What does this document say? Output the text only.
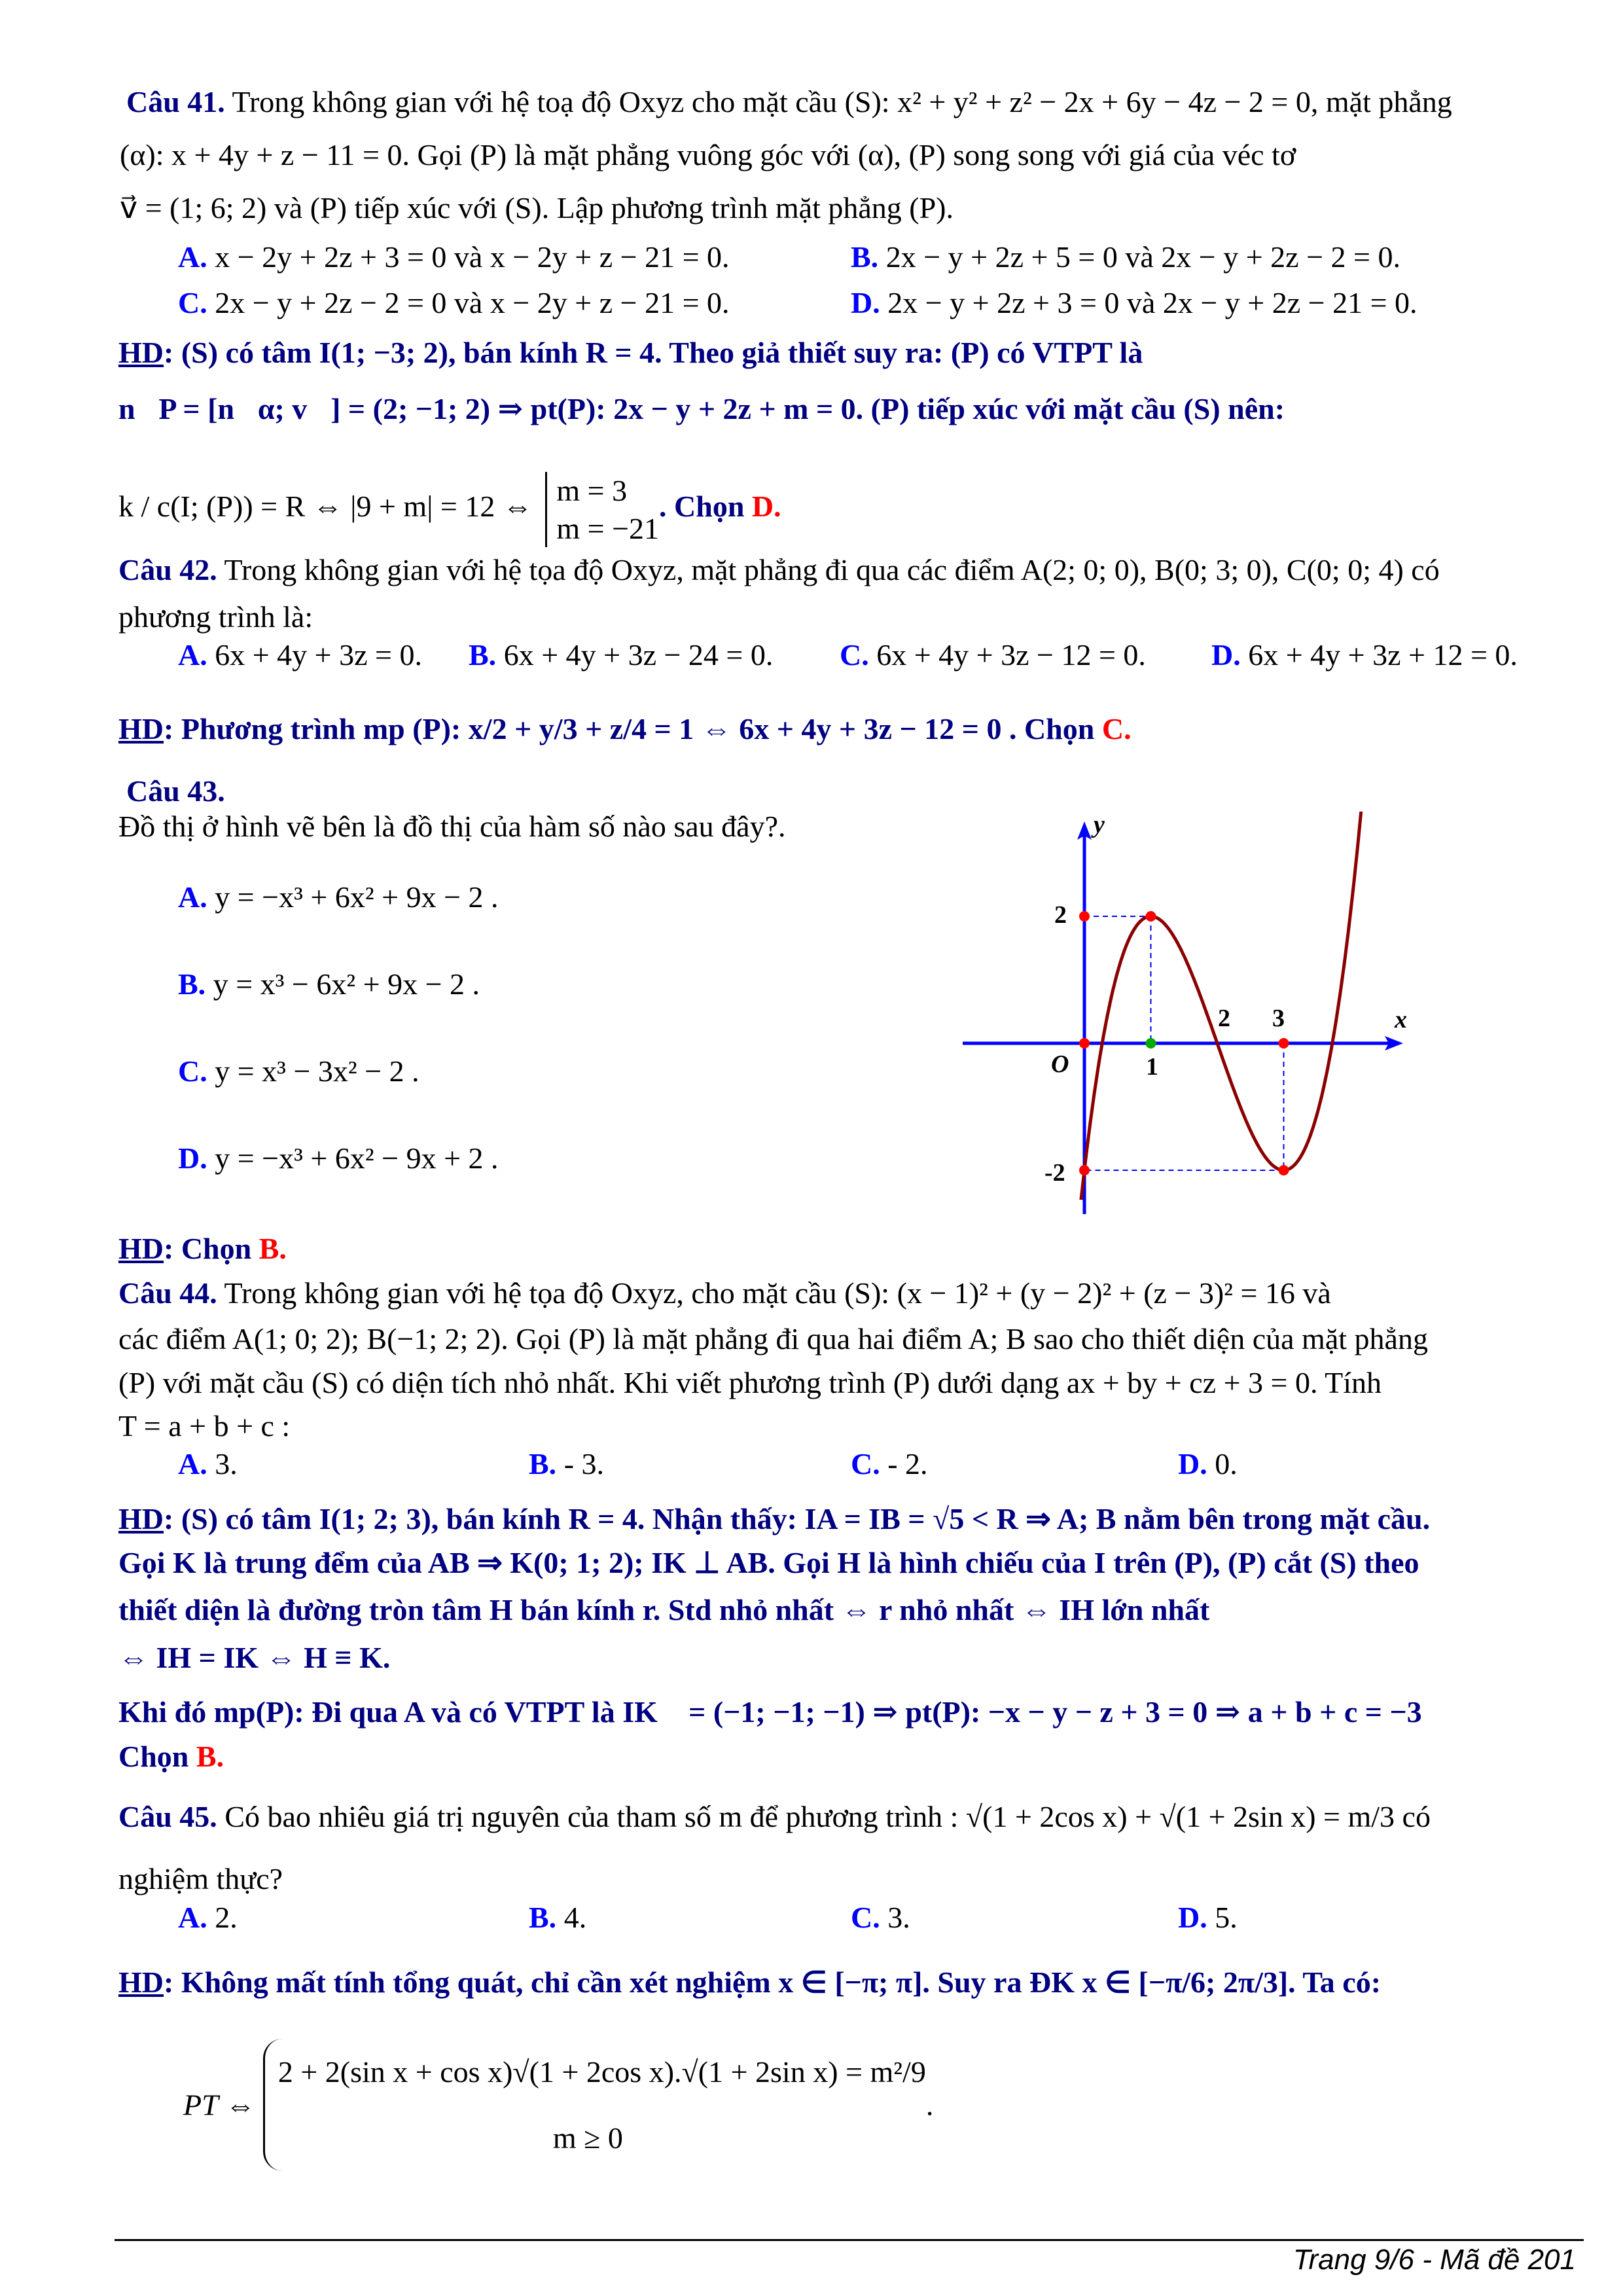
Câu 41. Trong không gian với hệ toạ độ Oxyz cho mặt cầu (S): x² + y² + z² − 2x + 6y − 4z − 2 = 0, mặt phẳng
(α): x + 4y + z − 11 = 0. Gọi (P) là mặt phẳng vuông góc với (α), (P) song song với giá của véc tơ
v⃗ = (1; 6; 2) và (P) tiếp xúc với (S). Lập phương trình mặt phẳng (P).
A. x − 2y + 2z + 3 = 0 và x − 2y + z − 21 = 0.	B. 2x − y + 2z + 5 = 0 và 2x − y + 2z − 2 = 0.
C. 2x − y + 2z − 2 = 0 và x − 2y + z − 21 = 0.	D. 2x − y + 2z + 3 = 0 và 2x − y + 2z − 21 = 0.
HD: (S) có tâm I(1; −3; 2), bán kính R = 4. Theo giả thiết suy ra: (P) có VTPT là
n⃗P = [n⃗α; v⃗] = (2; −1; 2) ⇒ pt(P): 2x − y + 2z + m = 0. (P) tiếp xúc với mặt cầu (S) nên:
k / c(I; (P)) = R ⇔ |9 + m| = 12 ⇔ m = 3
m = −21
. Chọn D.
Câu 42. Trong không gian với hệ tọa độ Oxyz, mặt phẳng đi qua các điểm A(2; 0; 0), B(0; 3; 0), C(0; 0; 4) có
phương trình là:
A. 6x + 4y + 3z = 0. B. 6x + 4y + 3z − 24 = 0. C. 6x + 4y + 3z − 12 = 0. D. 6x + 4y + 3z + 12 = 0.
HD: Phương trình mp (P): x/2 + y/3 + z/4 = 1 ⇔ 6x + 4y + 3z − 12 = 0 . Chọn C.
Câu 43.
Đồ thị ở hình vẽ bên là đồ thị của hàm số nào sau đây?.
A. y = −x³ + 6x² + 9x − 2 .
B. y = x³ − 6x² + 9x − 2 .
C. y = x³ − 3x² − 2 .
D. y = −x³ + 6x² − 9x + 2 .
y
x
O	1
2 3
2
-2
HD: Chọn B.
Câu 44. Trong không gian với hệ tọa độ Oxyz, cho mặt cầu (S): (x − 1)² + (y − 2)² + (z − 3)² = 16 và
các điểm A(1; 0; 2); B(−1; 2; 2). Gọi (P) là mặt phẳng đi qua hai điểm A; B sao cho thiết diện của mặt phẳng
(P) với mặt cầu (S) có diện tích nhỏ nhất. Khi viết phương trình (P) dưới dạng ax + by + cz + 3 = 0. Tính
T = a + b + c :
A. 3.	B. - 3.	C. - 2.	D. 0.
HD: (S) có tâm I(1; 2; 3), bán kính R = 4. Nhận thấy: IA = IB = √5 < R ⇒ A; B nằm bên trong mặt cầu.
Gọi K là trung đểm của AB ⇒ K(0; 1; 2); IK ⊥ AB. Gọi H là hình chiếu của I trên (P), (P) cắt (S) theo
thiết diện là đường tròn tâm H bán kính r. Std nhỏ nhất ⇔ r nhỏ nhất ⇔ IH lớn nhất
⇔ IH = IK ⇔ H ≡ K.
Khi đó mp(P): Đi qua A và có VTPT là IK⃗ = (−1; −1; −1) ⇒ pt(P): −x − y − z + 3 = 0 ⇒ a + b + c = −3
Chọn B.
Câu 45. Có bao nhiêu giá trị nguyên của tham số m để phương trình : √(1 + 2cos x) + √(1 + 2sin x) = m/3 có
nghiệm thực?
A. 2.	B. 4.	C. 3.	D. 5.
HD: Không mất tính tổng quát, chỉ cần xét nghiệm x ∈ [−π; π]. Suy ra ĐK x ∈ [−π/6; 2π/3]. Ta có:
PT ⇔
2 + 2(sin x + cos x)√(1 + 2cos x).√(1 + 2sin x) = m²/9
m ≥ 0
.
Trang 9/6 - Mã đề 201
